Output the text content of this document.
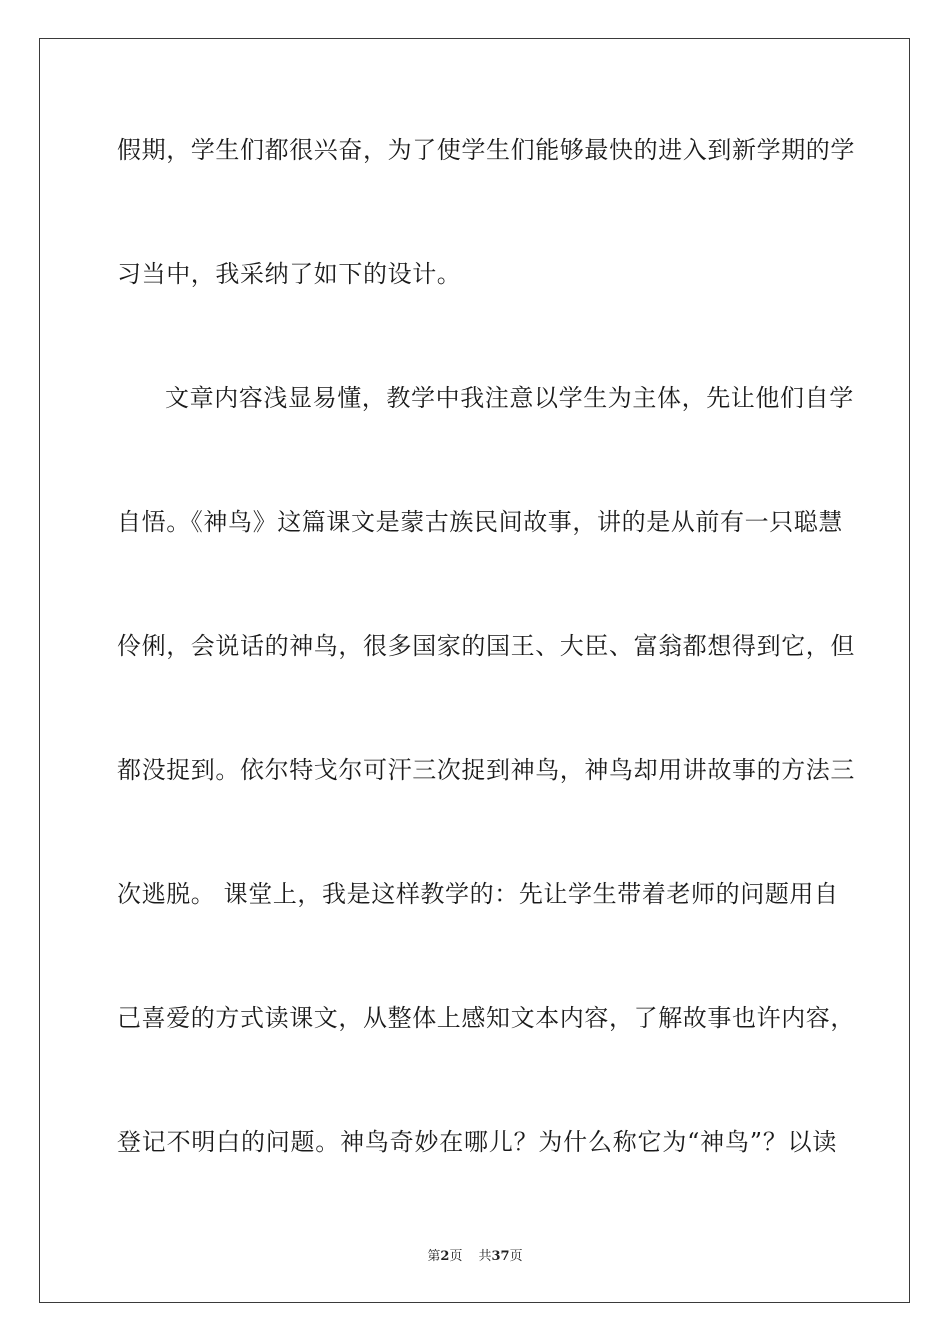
假期，学生们都很兴奋，为了使学生们能够最快的进入到新学期的学
习当中，我采纳了如下的设计。
文章内容浅显易懂，教学中我注意以学生为主体，先让他们自学
自悟。《神鸟》这篇课文是蒙古族民间故事，讲的是从前有一只聪慧
伶俐，会说话的神鸟，很多国家的国王、大臣、富翁都想得到它，但
都没捉到。依尔特戈尔可汗三次捉到神鸟，神鸟却用讲故事的方法三
次逃脱。 课堂上，我是这样教学的：先让学生带着老师的问题用自
己喜爱的方式读课文，从整体上感知文本内容，了解故事也许内容，
登记不明白的问题。神鸟奇妙在哪儿？为什么称它为“神鸟”？以读
第2页 共37页
